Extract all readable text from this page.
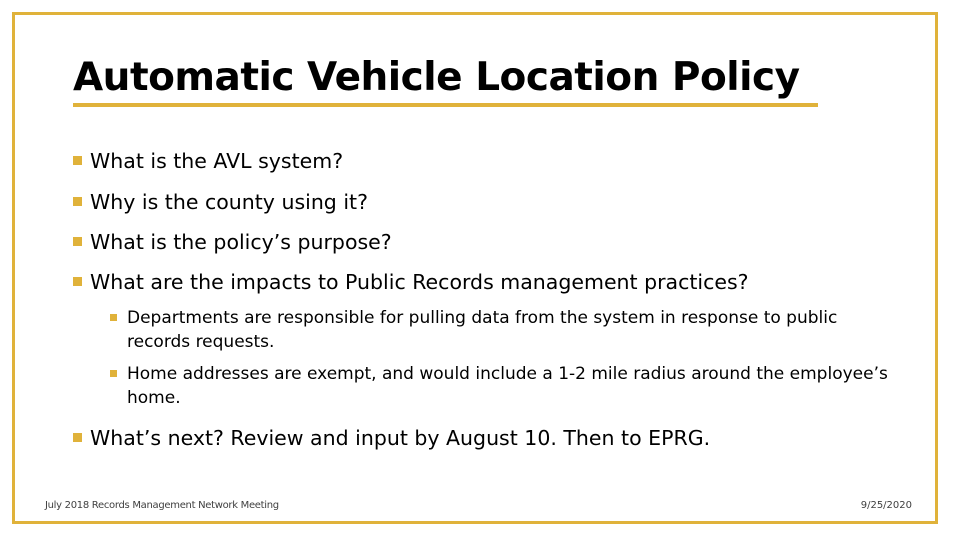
Automatic Vehicle Location Policy
What is the AVL system?
Why is the county using it?
What is the policy’s purpose?
What are the impacts to Public Records management practices?
Departments are responsible for pulling data from the system in response to public records requests.
Home addresses are exempt, and would include a 1-2 mile radius around the employee’s home.
What’s next? Review and input by August 10. Then to EPRG.
July 2018 Records Management Network Meeting	9/25/2020
